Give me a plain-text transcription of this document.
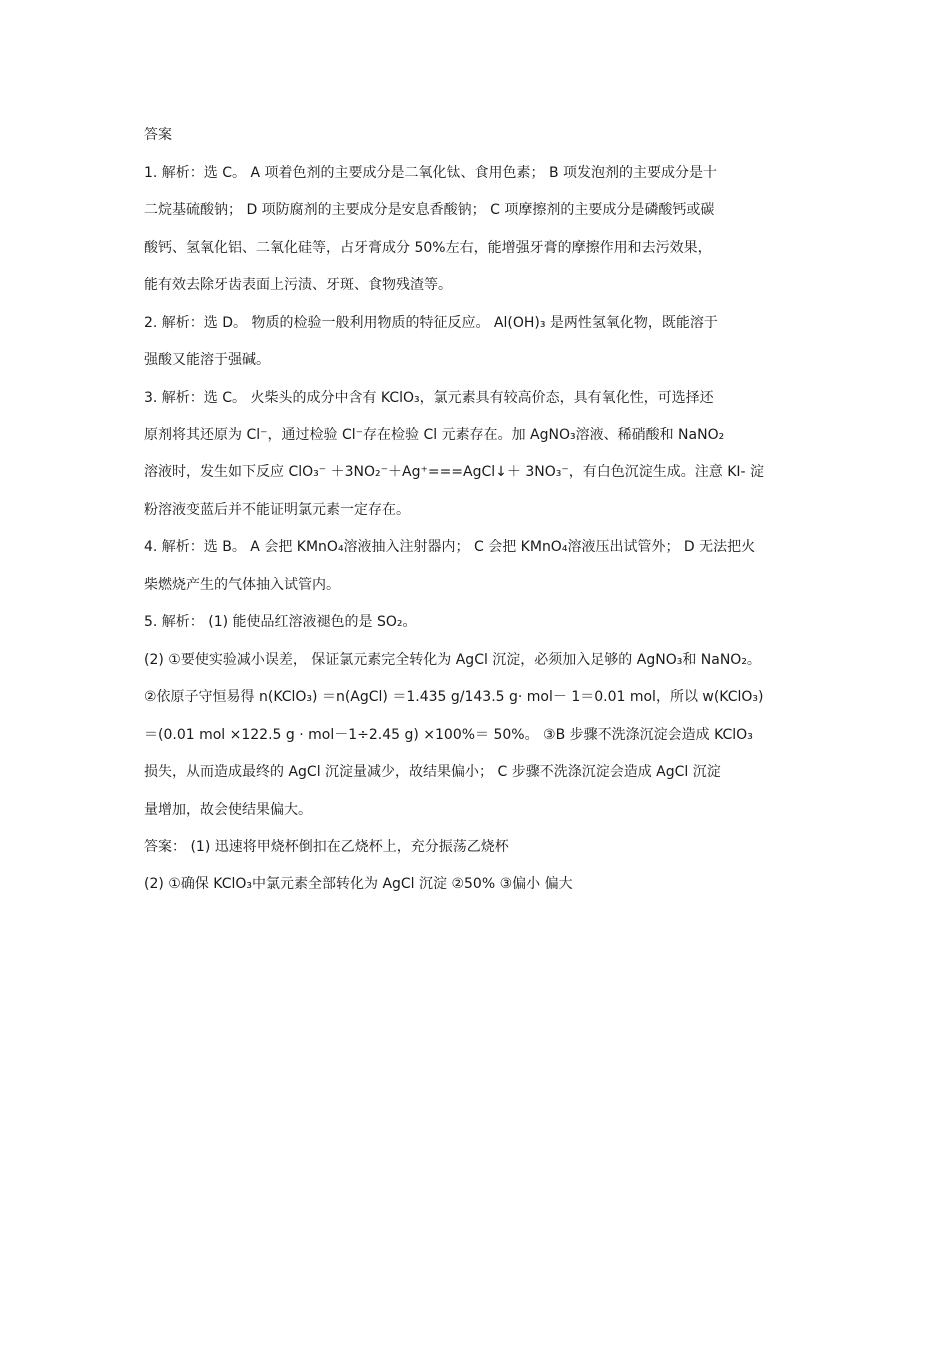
答案
1. 解析：选 C。 A 项着色剂的主要成分是二氧化钛、食用色素； B 项发泡剂的主要成分是十
二烷基硫酸钠； D 项防腐剂的主要成分是安息香酸钠； C 项摩擦剂的主要成分是磷酸钙或碳
酸钙、氢氧化铝、二氧化硅等，占牙膏成分 50%左右，能增强牙膏的摩擦作用和去污效果，
能有效去除牙齿表面上污渍、牙斑、食物残渣等。
2. 解析：选 D。 物质的检验一般利用物质的特征反应。 Al(OH)₃ 是两性氢氧化物，既能溶于
强酸又能溶于强碱。
3. 解析：选 C。 火柴头的成分中含有 KClO₃，氯元素具有较高价态，具有氧化性，可选择还
原剂将其还原为 Cl⁻，通过检验 Cl⁻存在检验 Cl 元素存在。加 AgNO₃溶液、稀硝酸和 NaNO₂
溶液时，发生如下反应 ClO₃⁻ ＋3NO₂⁻＋Ag⁺===AgCl↓＋ 3NO₃⁻，有白色沉淀生成。注意 KI- 淀
粉溶液变蓝后并不能证明氯元素一定存在。
4. 解析：选 B。 A 会把 KMnO₄溶液抽入注射器内； C 会把 KMnO₄溶液压出试管外； D 无法把火
柴燃烧产生的气体抽入试管内。
5. 解析： (1) 能使品红溶液褪色的是 SO₂。
(2) ①要使实验减小误差， 保证氯元素完全转化为 AgCl 沉淀，必须加入足够的 AgNO₃和 NaNO₂。
②依原子守恒易得 n(KClO₃) ＝n(AgCl) ＝1.435 g/143.5 g· mol－ 1＝0.01 mol，所以 w(KClO₃)
＝(0.01 mol ×122.5 g · mol－1÷2.45 g) ×100%＝ 50%。 ③B 步骤不洗涤沉淀会造成 KClO₃
损失，从而造成最终的 AgCl 沉淀量减少，故结果偏小； C 步骤不洗涤沉淀会造成 AgCl 沉淀
量增加，故会使结果偏大。
答案： (1) 迅速将甲烧杯倒扣在乙烧杯上，充分振荡乙烧杯
(2) ①确保 KClO₃中氯元素全部转化为 AgCl 沉淀 ②50% ③偏小 偏大
